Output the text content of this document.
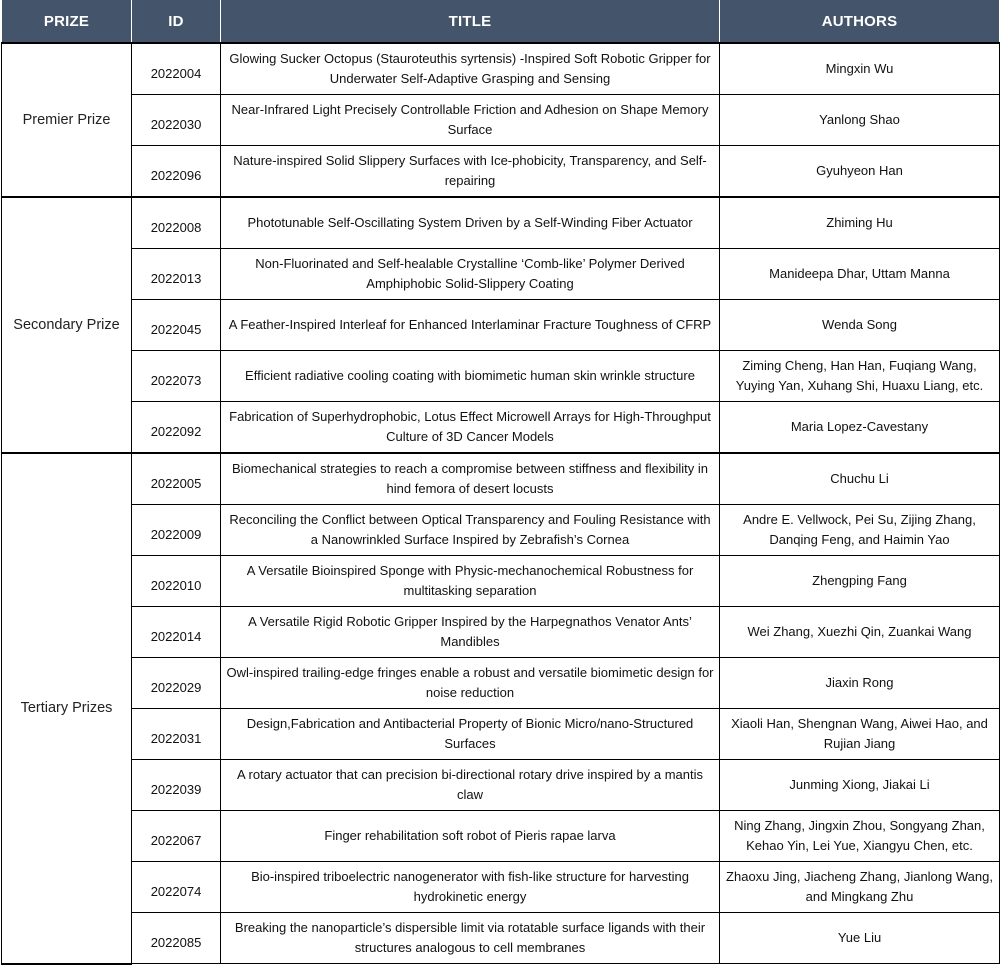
PRIZE	ID	TITLE	AUTHORS
Premier Prize	2022004	Glowing Sucker Octopus (Stauroteuthis syrtensis) -Inspired Soft Robotic Gripper for Underwater Self-Adaptive Grasping and Sensing	Mingxin Wu
	2022030	Near-Infrared Light Precisely Controllable Friction and Adhesion on Shape Memory Surface	Yanlong Shao
	2022096	Nature-inspired Solid Slippery Surfaces with Ice-phobicity, Transparency, and Self-repairing	Gyuhyeon Han
Secondary Prize	2022008	Phototunable Self-Oscillating System Driven by a Self-Winding Fiber Actuator	Zhiming Hu
	2022013	Non-Fluorinated and Self-healable Crystalline ‘Comb-like’ Polymer Derived Amphiphobic Solid-Slippery Coating	Manideepa Dhar, Uttam Manna
	2022045	A Feather-Inspired Interleaf for Enhanced Interlaminar Fracture Toughness of CFRP	Wenda Song
	2022073	Efficient radiative cooling coating with biomimetic human skin wrinkle structure	Ziming Cheng, Han Han, Fuqiang Wang, Yuying Yan, Xuhang Shi, Huaxu Liang, etc.
	2022092	Fabrication of Superhydrophobic, Lotus Effect Microwell Arrays for High-Throughput Culture of 3D Cancer Models	Maria Lopez-Cavestany
Tertiary Prizes	2022005	Biomechanical strategies to reach a compromise between stiffness and flexibility in hind femora of desert locusts	Chuchu Li
	2022009	Reconciling the Conflict between Optical Transparency and Fouling Resistance with a Nanowrinkled Surface Inspired by Zebrafish’s Cornea	Andre E. Vellwock, Pei Su, Zijing Zhang, Danqing Feng, and Haimin Yao
	2022010	A Versatile Bioinspired Sponge with Physic-mechanochemical Robustness for multitasking separation	Zhengping Fang
	2022014	A Versatile Rigid Robotic Gripper Inspired by the Harpegnathos Venator Ants’ Mandibles	Wei Zhang, Xuezhi Qin, Zuankai Wang
	2022029	Owl-inspired trailing-edge fringes enable a robust and versatile biomimetic design for noise reduction	Jiaxin Rong
	2022031	Design,Fabrication and Antibacterial Property of Bionic Micro/nano-Structured Surfaces	Xiaoli Han, Shengnan Wang, Aiwei Hao, and Rujian Jiang
	2022039	A rotary actuator that can precision bi-directional rotary drive inspired by a mantis claw	Junming Xiong, Jiakai Li
	2022067	Finger rehabilitation soft robot of Pieris rapae larva	Ning Zhang, Jingxin Zhou, Songyang Zhan, Kehao Yin, Lei Yue, Xiangyu Chen, etc.
	2022074	Bio-inspired triboelectric nanogenerator with fish-like structure for harvesting hydrokinetic energy	Zhaoxu Jing, Jiacheng Zhang, Jianlong Wang, and Mingkang Zhu
	2022085	Breaking the nanoparticle’s dispersible limit via rotatable surface ligands with their structures analogous to cell membranes	Yue Liu
